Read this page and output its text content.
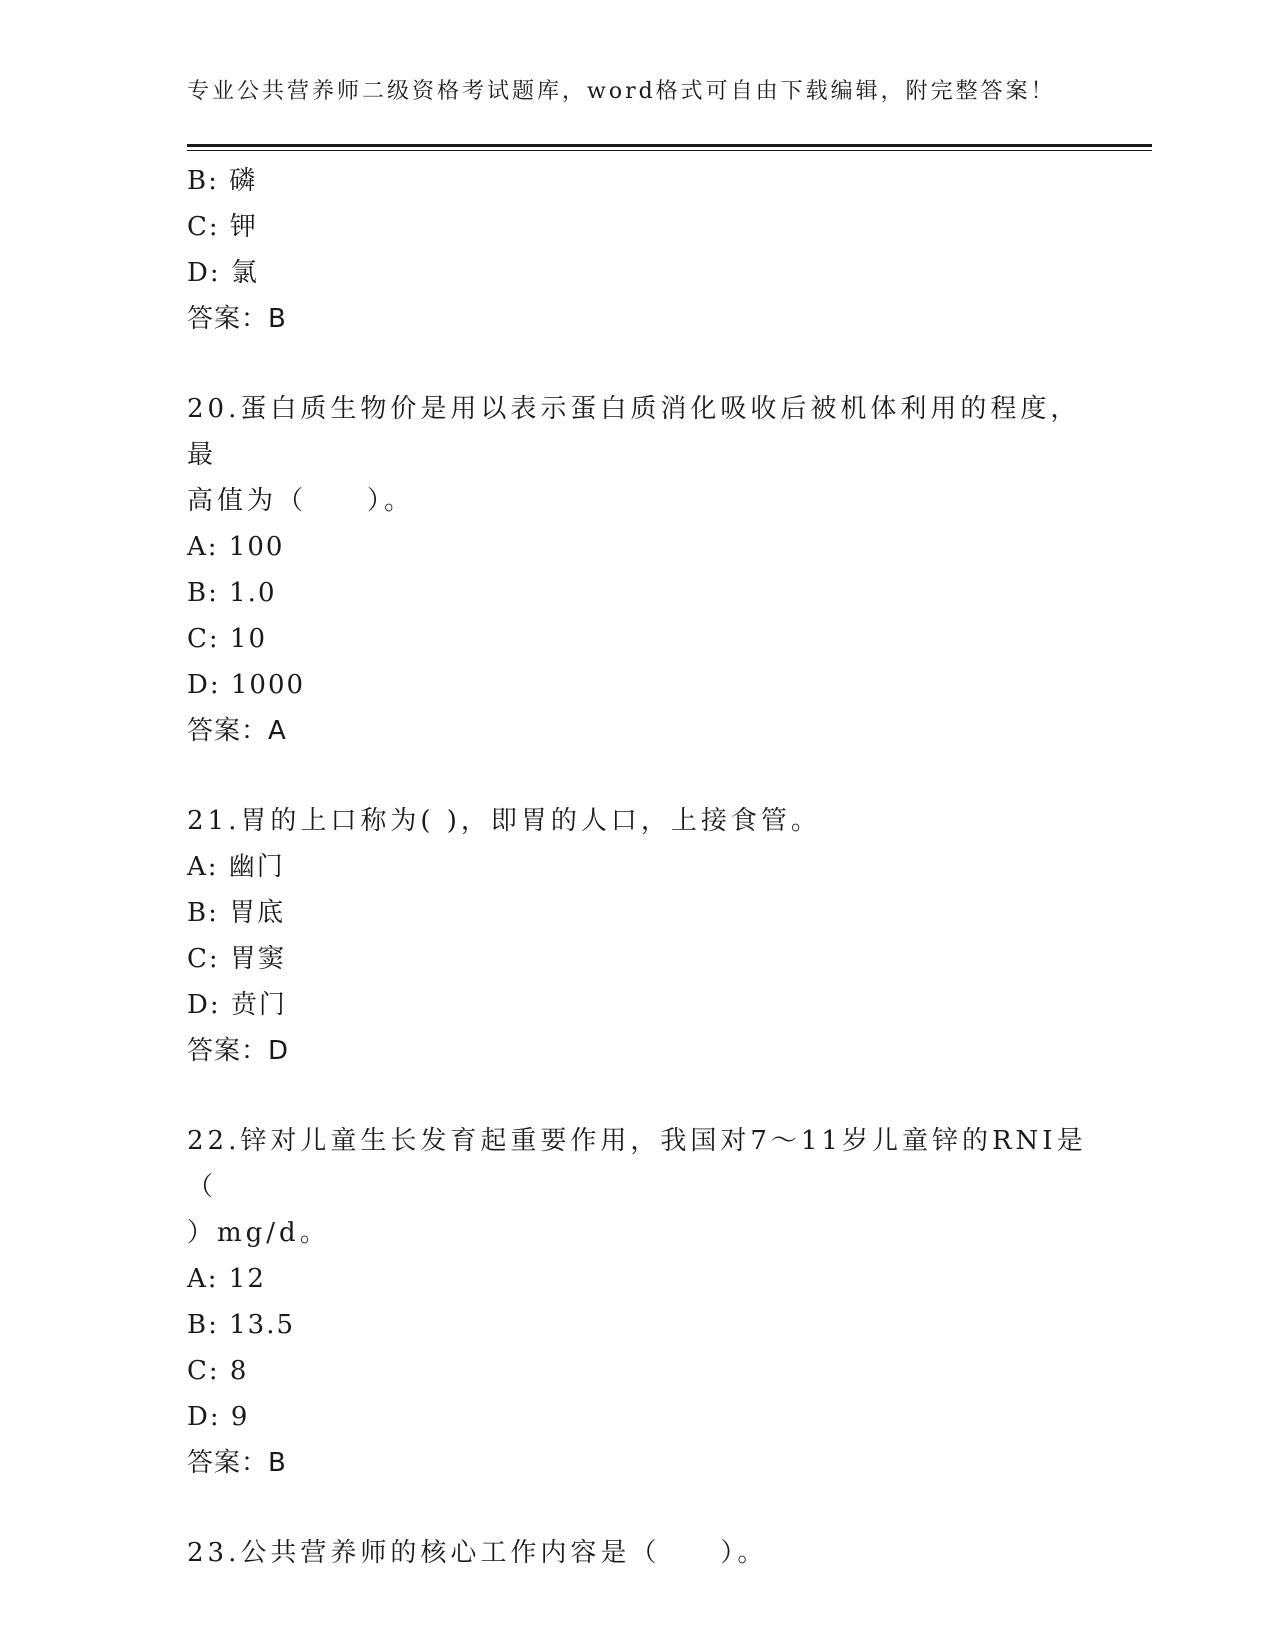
专业公共营养师二级资格考试题库，word格式可自由下载编辑，附完整答案！
B: 磷
C: 钾
D: 氯
答案：B
20.蛋白质生物价是用以表示蛋白质消化吸收后被机体利用的程度，最
高值为（　　）。
A: 100
B: 1.0
C: 10
D: 1000
答案：A
21.胃的上口称为( )，即胃的人口，上接食管。
A: 幽门
B: 胃底
C: 胃窦
D: 贲门
答案：D
22.锌对儿童生长发育起重要作用，我国对7～11岁儿童锌的RNI是（
）mg/d。
A: 12
B: 13.5
C: 8
D: 9
答案：B
23.公共营养师的核心工作内容是（　　）。
